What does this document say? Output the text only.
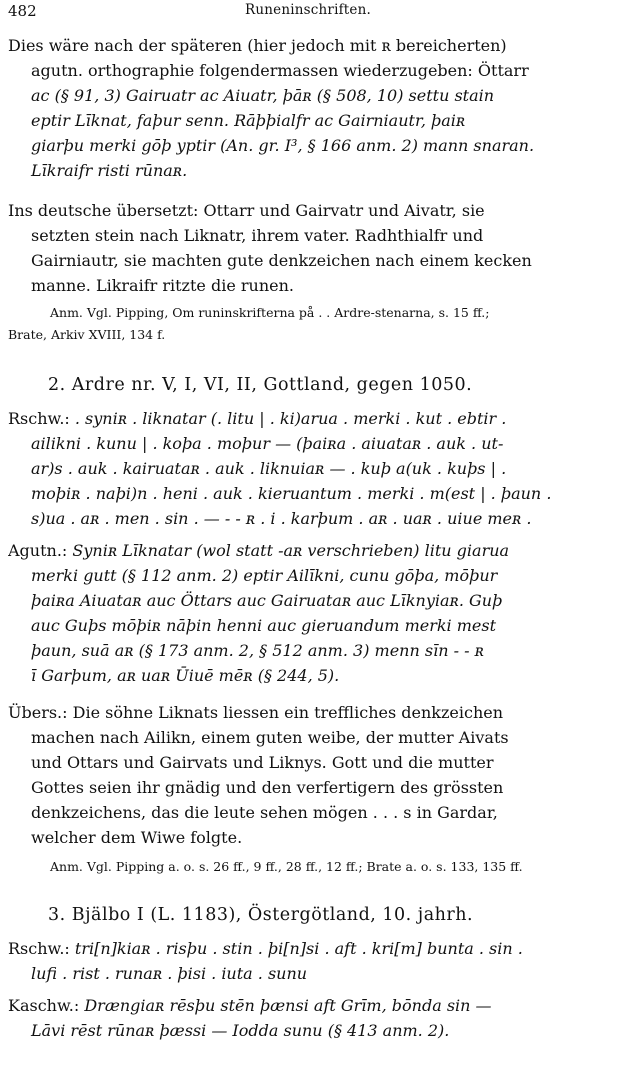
482	Runeninschriften.
Dies wäre nach der späteren (hier jedoch mit ʀ bereicherten)
agutn. orthographie folgendermassen wiederzugeben: Öttarr
ac (§ 91, 3) Gairuatr ac Aiuatr, þāʀ (§ 508, 10) settu stain
eptir Līknat, faþur senn. Rāþþialfr ac Gairniautr, þaiʀ
giarþu merki gōþ yptir (An. gr. I³, § 166 anm. 2) mann snaran.
Līkraifr risti rūnaʀ.
Ins deutsche übersetzt: Ottarr und Gairvatr und Aivatr, sie
setzten stein nach Liknatr, ihrem vater. Radhthialfr und
Gairniautr, sie machten gute denkzeichen nach einem kecken
manne. Likraifr ritzte die runen.
Anm. Vgl. Pipping, Om runinskrifterna på . . Ardre-stenarna, s. 15 ff.;
Brate, Arkiv XVIII, 134 f.
2. Ardre nr. V, I, VI, II, Gottland, gegen 1050.
Rschw.: . syniʀ . liknatar (. litu | . ki)arua . merki . kut . ebtir .
ailikni . kunu | . koþa . moþur — (þaiʀa . aiuataʀ . auk . ut-
ar)s . auk . kairuataʀ . auk . liknuiaʀ — . kuþ a(uk . kuþs | .
moþiʀ . naþi)n . heni . auk . kieruantum . merki . m(est | . þaun .
s)ua . aʀ . men . sin . — - - ʀ . i . karþum . aʀ . uaʀ . uiue meʀ .
Agutn.: Syniʀ Līknatar (wol statt -aʀ verschrieben) litu giarua
merki gutt (§ 112 anm. 2) eptir Ailīkni, cunu gōþa, mōþur
þaiʀa Aiuataʀ auc Öttars auc Gairuataʀ auc Līknyiaʀ. Guþ
auc Guþs mōþiʀ nāþin henni auc gieruandum merki mest
þaun, suā aʀ (§ 173 anm. 2, § 512 anm. 3) menn sīn - - ʀ
ī Garþum, aʀ uaʀ Ūiuē mēʀ (§ 244, 5).
Übers.: Die söhne Liknats liessen ein treffliches denkzeichen
machen nach Ailikn, einem guten weibe, der mutter Aivats
und Ottars und Gairvats und Liknys. Gott und die mutter
Gottes seien ihr gnädig und den verfertigern des grössten
denkzeichens, das die leute sehen mögen . . . s in Gardar,
welcher dem Wiwe folgte.
Anm. Vgl. Pipping a. o. s. 26 ff., 9 ff., 28 ff., 12 ff.; Brate a. o. s. 133, 135 ff.
3. Bjälbo I (L. 1183), Östergötland, 10. jahrh.
Rschw.: tri[n]kiaʀ . risþu . stin . þi[n]si . aft . kri[m] bunta . sin .
lufi . rist . runaʀ . þisi . iuta . sunu
Kaschw.: Drængiaʀ rēsþu stēn þænsi aft Grīm, bōnda sin —
Lāvi rēst rūnaʀ þæssi — Iodda sunu (§ 413 anm. 2).
